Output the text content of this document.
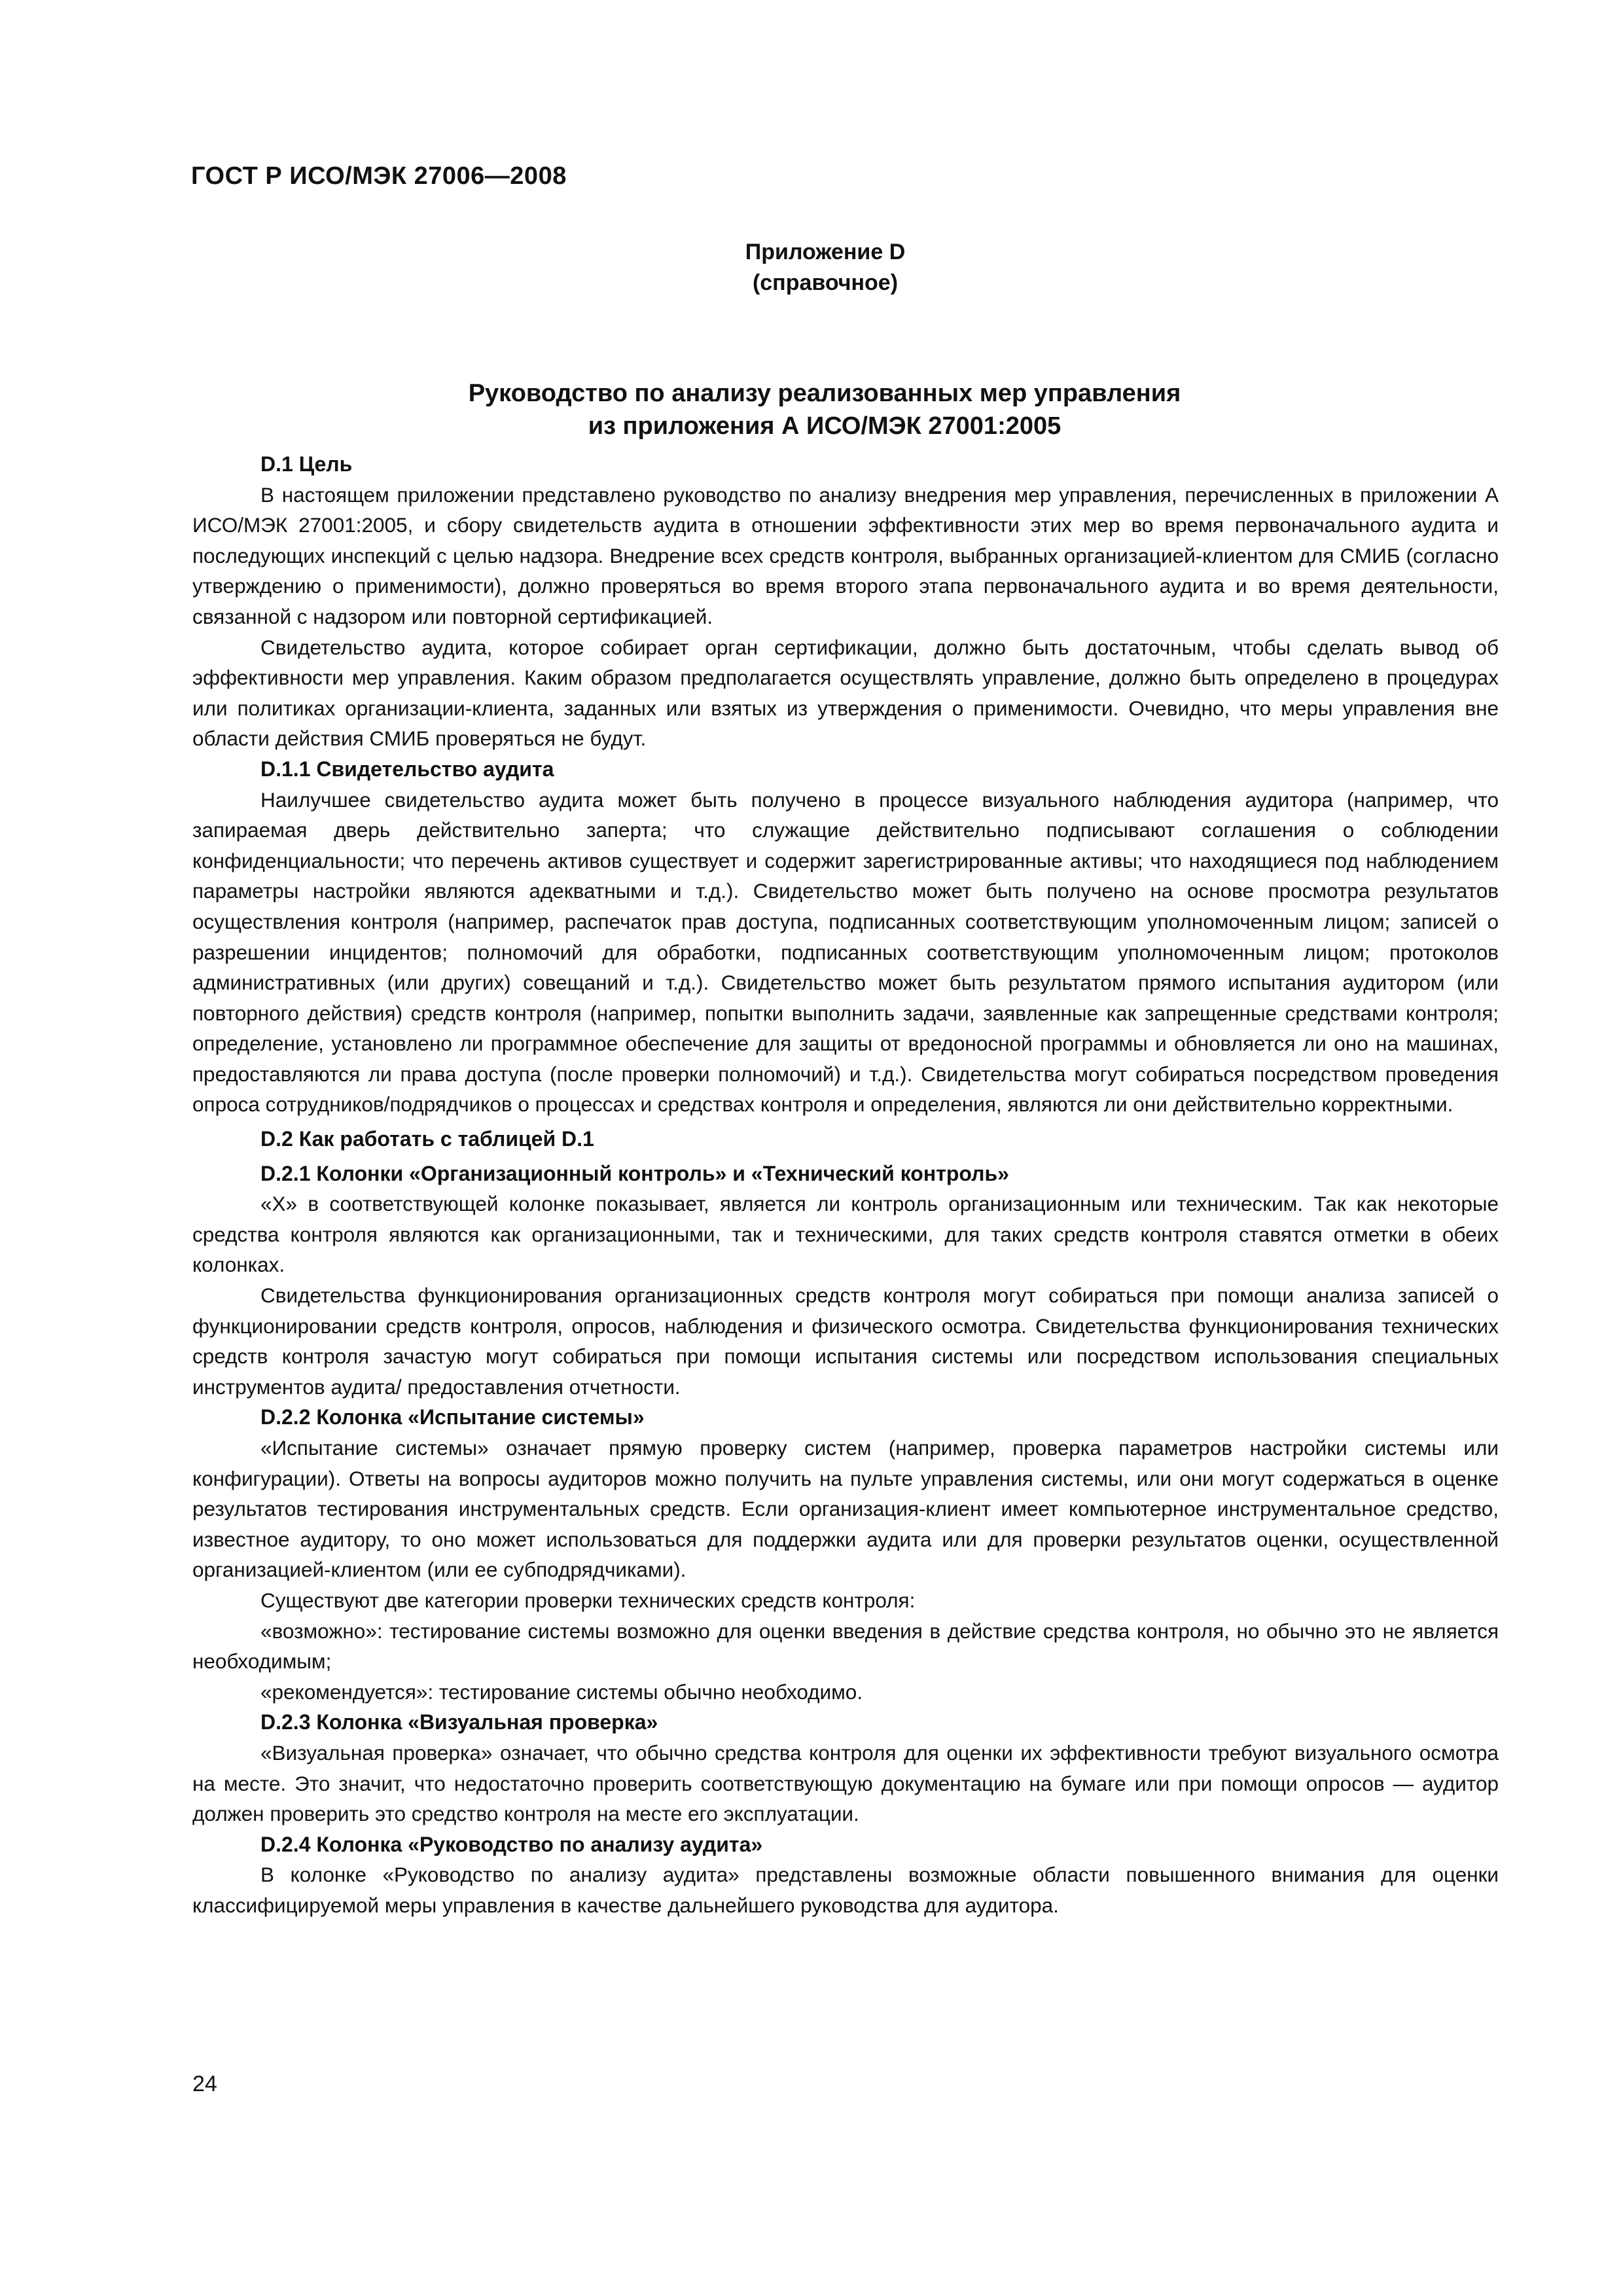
ГОСТ Р ИСО/МЭК 27006—2008
Приложение D
(справочное)
Руководство по анализу реализованных мер управления
из приложения А ИСО/МЭК 27001:2005
D.1 Цель

В настоящем приложении представлено руководство по анализу внедрения мер управления, перечисленных в приложении А ИСО/МЭК 27001:2005, и сбору свидетельств аудита в отношении эффективности этих мер во время первоначального аудита и последующих инспекций с целью надзора. Внедрение всех средств контроля, выбранных организацией-клиентом для СМИБ (согласно утверждению о применимости), должно проверяться во время второго этапа первоначального аудита и во время деятельности, связанной с надзором или повторной сертификацией.

Свидетельство аудита, которое собирает орган сертификации, должно быть достаточным, чтобы сделать вывод об эффективности мер управления. Каким образом предполагается осуществлять управление, должно быть определено в процедурах или политиках организации-клиента, заданных или взятых из утверждения о применимости. Очевидно, что меры управления вне области действия СМИБ проверяться не будут.

D.1.1 Свидетельство аудита

Наилучшее свидетельство аудита может быть получено в процессе визуального наблюдения аудитора (например, что запираемая дверь действительно заперта; что служащие действительно подписывают соглашения о соблюдении конфиденциальности; что перечень активов существует и содержит зарегистрированные активы; что находящиеся под наблюдением параметры настройки являются адекватными и т.д.). Свидетельство может быть получено на основе просмотра результатов осуществления контроля (например, распечаток прав доступа, подписанных соответствующим уполномоченным лицом; записей о разрешении инцидентов; полномочий для обработки, подписанных соответствующим уполномоченным лицом; протоколов административных (или других) совещаний и т.д.). Свидетельство может быть результатом прямого испытания аудитором (или повторного действия) средств контроля (например, попытки выполнить задачи, заявленные как запрещенные средствами контроля; определение, установлено ли программное обеспечение для защиты от вредоносной программы и обновляется ли оно на машинах, предоставляются ли права доступа (после проверки полномочий) и т.д.). Свидетельства могут собираться посредством проведения опроса сотрудников/подрядчиков о процессах и средствах контроля и определения, являются ли они действительно корректными.

D.2 Как работать с таблицей D.1
D.2.1 Колонки «Организационный контроль» и «Технический контроль»

«Х» в соответствующей колонке показывает, является ли контроль организационным или техническим. Так как некоторые средства контроля являются как организационными, так и техническими, для таких средств контроля ставятся отметки в обеих колонках.

Свидетельства функционирования организационных средств контроля могут собираться при помощи анализа записей о функционировании средств контроля, опросов, наблюдения и физического осмотра. Свидетельства функционирования технических средств контроля зачастую могут собираться при помощи испытания системы или посредством использования специальных инструментов аудита/ предоставления отчетности.

D.2.2 Колонка «Испытание системы»

«Испытание системы» означает прямую проверку систем (например, проверка параметров настройки системы или конфигурации). Ответы на вопросы аудиторов можно получить на пульте управления системы, или они могут содержаться в оценке результатов тестирования инструментальных средств. Если организация-клиент имеет компьютерное инструментальное средство, известное аудитору, то оно может использоваться для поддержки аудита или для проверки результатов оценки, осуществленной организацией-клиентом (или ее субподрядчиками).

Существуют две категории проверки технических средств контроля:

«возможно»: тестирование системы возможно для оценки введения в действие средства контроля, но обычно это не является необходимым;

«рекомендуется»: тестирование системы обычно необходимо.

D.2.3 Колонка «Визуальная проверка»

«Визуальная проверка» означает, что обычно средства контроля для оценки их эффективности требуют визуального осмотра на месте. Это значит, что недостаточно проверить соответствующую документацию на бумаге или при помощи опросов — аудитор должен проверить это средство контроля на месте его эксплуатации.

D.2.4 Колонка «Руководство по анализу аудита»

В колонке «Руководство по анализу аудита» представлены возможные области повышенного внимания для оценки классифицируемой меры управления в качестве дальнейшего руководства для аудитора.

24
